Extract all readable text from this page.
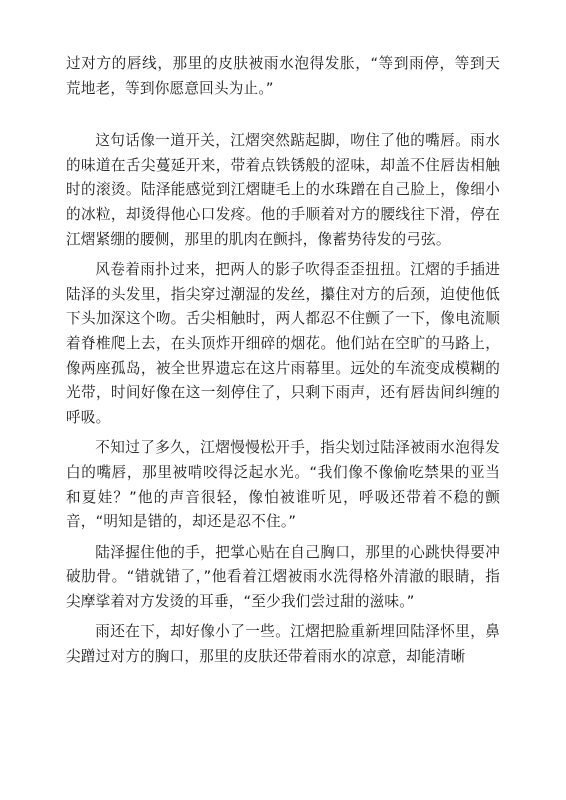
过对方的唇线，那里的皮肤被雨水泡得发胀，“等到雨停，等到天荒地老，等到你愿意回头为止。”

这句话像一道开关，江熠突然踮起脚，吻住了他的嘴唇。雨水的味道在舌尖蔓延开来，带着点铁锈般的涩味，却盖不住唇齿相触时的滚烫。陆泽能感觉到江熠睫毛上的水珠蹭在自己脸上，像细小的冰粒，却烫得他心口发疼。他的手顺着对方的腰线往下滑，停在江熠紧绷的腰侧，那里的肌肉在颤抖，像蓄势待发的弓弦。

风卷着雨扑过来，把两人的影子吹得歪歪扭扭。江熠的手插进陆泽的头发里，指尖穿过潮湿的发丝，攥住对方的后颈，迫使他低下头加深这个吻。舌尖相触时，两人都忍不住颤了一下，像电流顺着脊椎爬上去，在头顶炸开细碎的烟花。他们站在空旷的马路上，像两座孤岛，被全世界遗忘在这片雨幕里。远处的车流变成模糊的光带，时间好像在这一刻停住了，只剩下雨声，还有唇齿间纠缠的呼吸。

不知过了多久，江熠慢慢松开手，指尖划过陆泽被雨水泡得发白的嘴唇，那里被啃咬得泛起水光。“我们像不像偷吃禁果的亚当和夏娃？”他的声音很轻，像怕被谁听见，呼吸还带着不稳的颤音，“明知是错的，却还是忍不住。”

陆泽握住他的手，把掌心贴在自己胸口，那里的心跳快得要冲破肋骨。“错就错了，”他看着江熠被雨水洗得格外清澈的眼睛，指尖摩挲着对方发烫的耳垂，“至少我们尝过甜的滋味。”

雨还在下，却好像小了一些。江熠把脸重新埋回陆泽怀里，鼻尖蹭过对方的胸口，那里的皮肤还带着雨水的凉意，却能清晰
